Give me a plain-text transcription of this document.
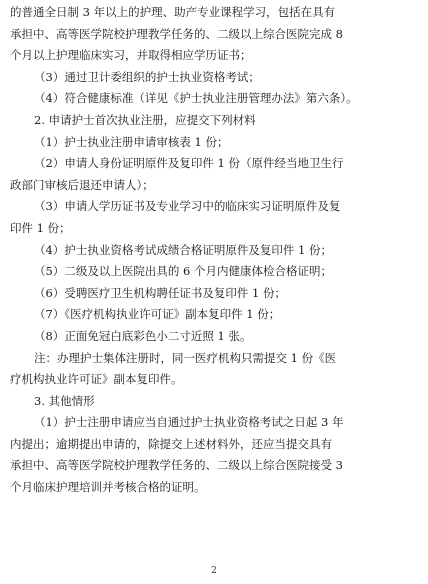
的普通全日制 3 年以上的护理、助产专业课程学习，包括在具有
承担中、高等医学院校护理教学任务的、二级以上综合医院完成 8
个月以上护理临床实习，并取得相应学历证书；
（3）通过卫计委组织的护士执业资格考试；
（4）符合健康标准（详见《护士执业注册管理办法》第六条）。
2. 申请护士首次执业注册，应提交下列材料
（1）护士执业注册申请审核表 1 份；
（2）申请人身份证明原件及复印件 1 份（原件经当地卫生行
政部门审核后退还申请人）；
（3）申请人学历证书及专业学习中的临床实习证明原件及复
印件 1 份；
（4）护士执业资格考试成绩合格证明原件及复印件 1 份；
（5）二级及以上医院出具的 6 个月内健康体检合格证明；
（6）受聘医疗卫生机构聘任证书及复印件 1 份；
（7）《医疗机构执业许可证》副本复印件 1 份；
（8）正面免冠白底彩色小二寸近照 1 张。
注：办理护士集体注册时，同一医疗机构只需提交 1 份《医
疗机构执业许可证》副本复印件。
3. 其他情形
（1）护士注册申请应当自通过护士执业资格考试之日起 3 年
内提出；逾期提出申请的，除提交上述材料外，还应当提交具有
承担中、高等医学院校护理教学任务的、二级以上综合医院接受 3
个月临床护理培训并考核合格的证明。
2
